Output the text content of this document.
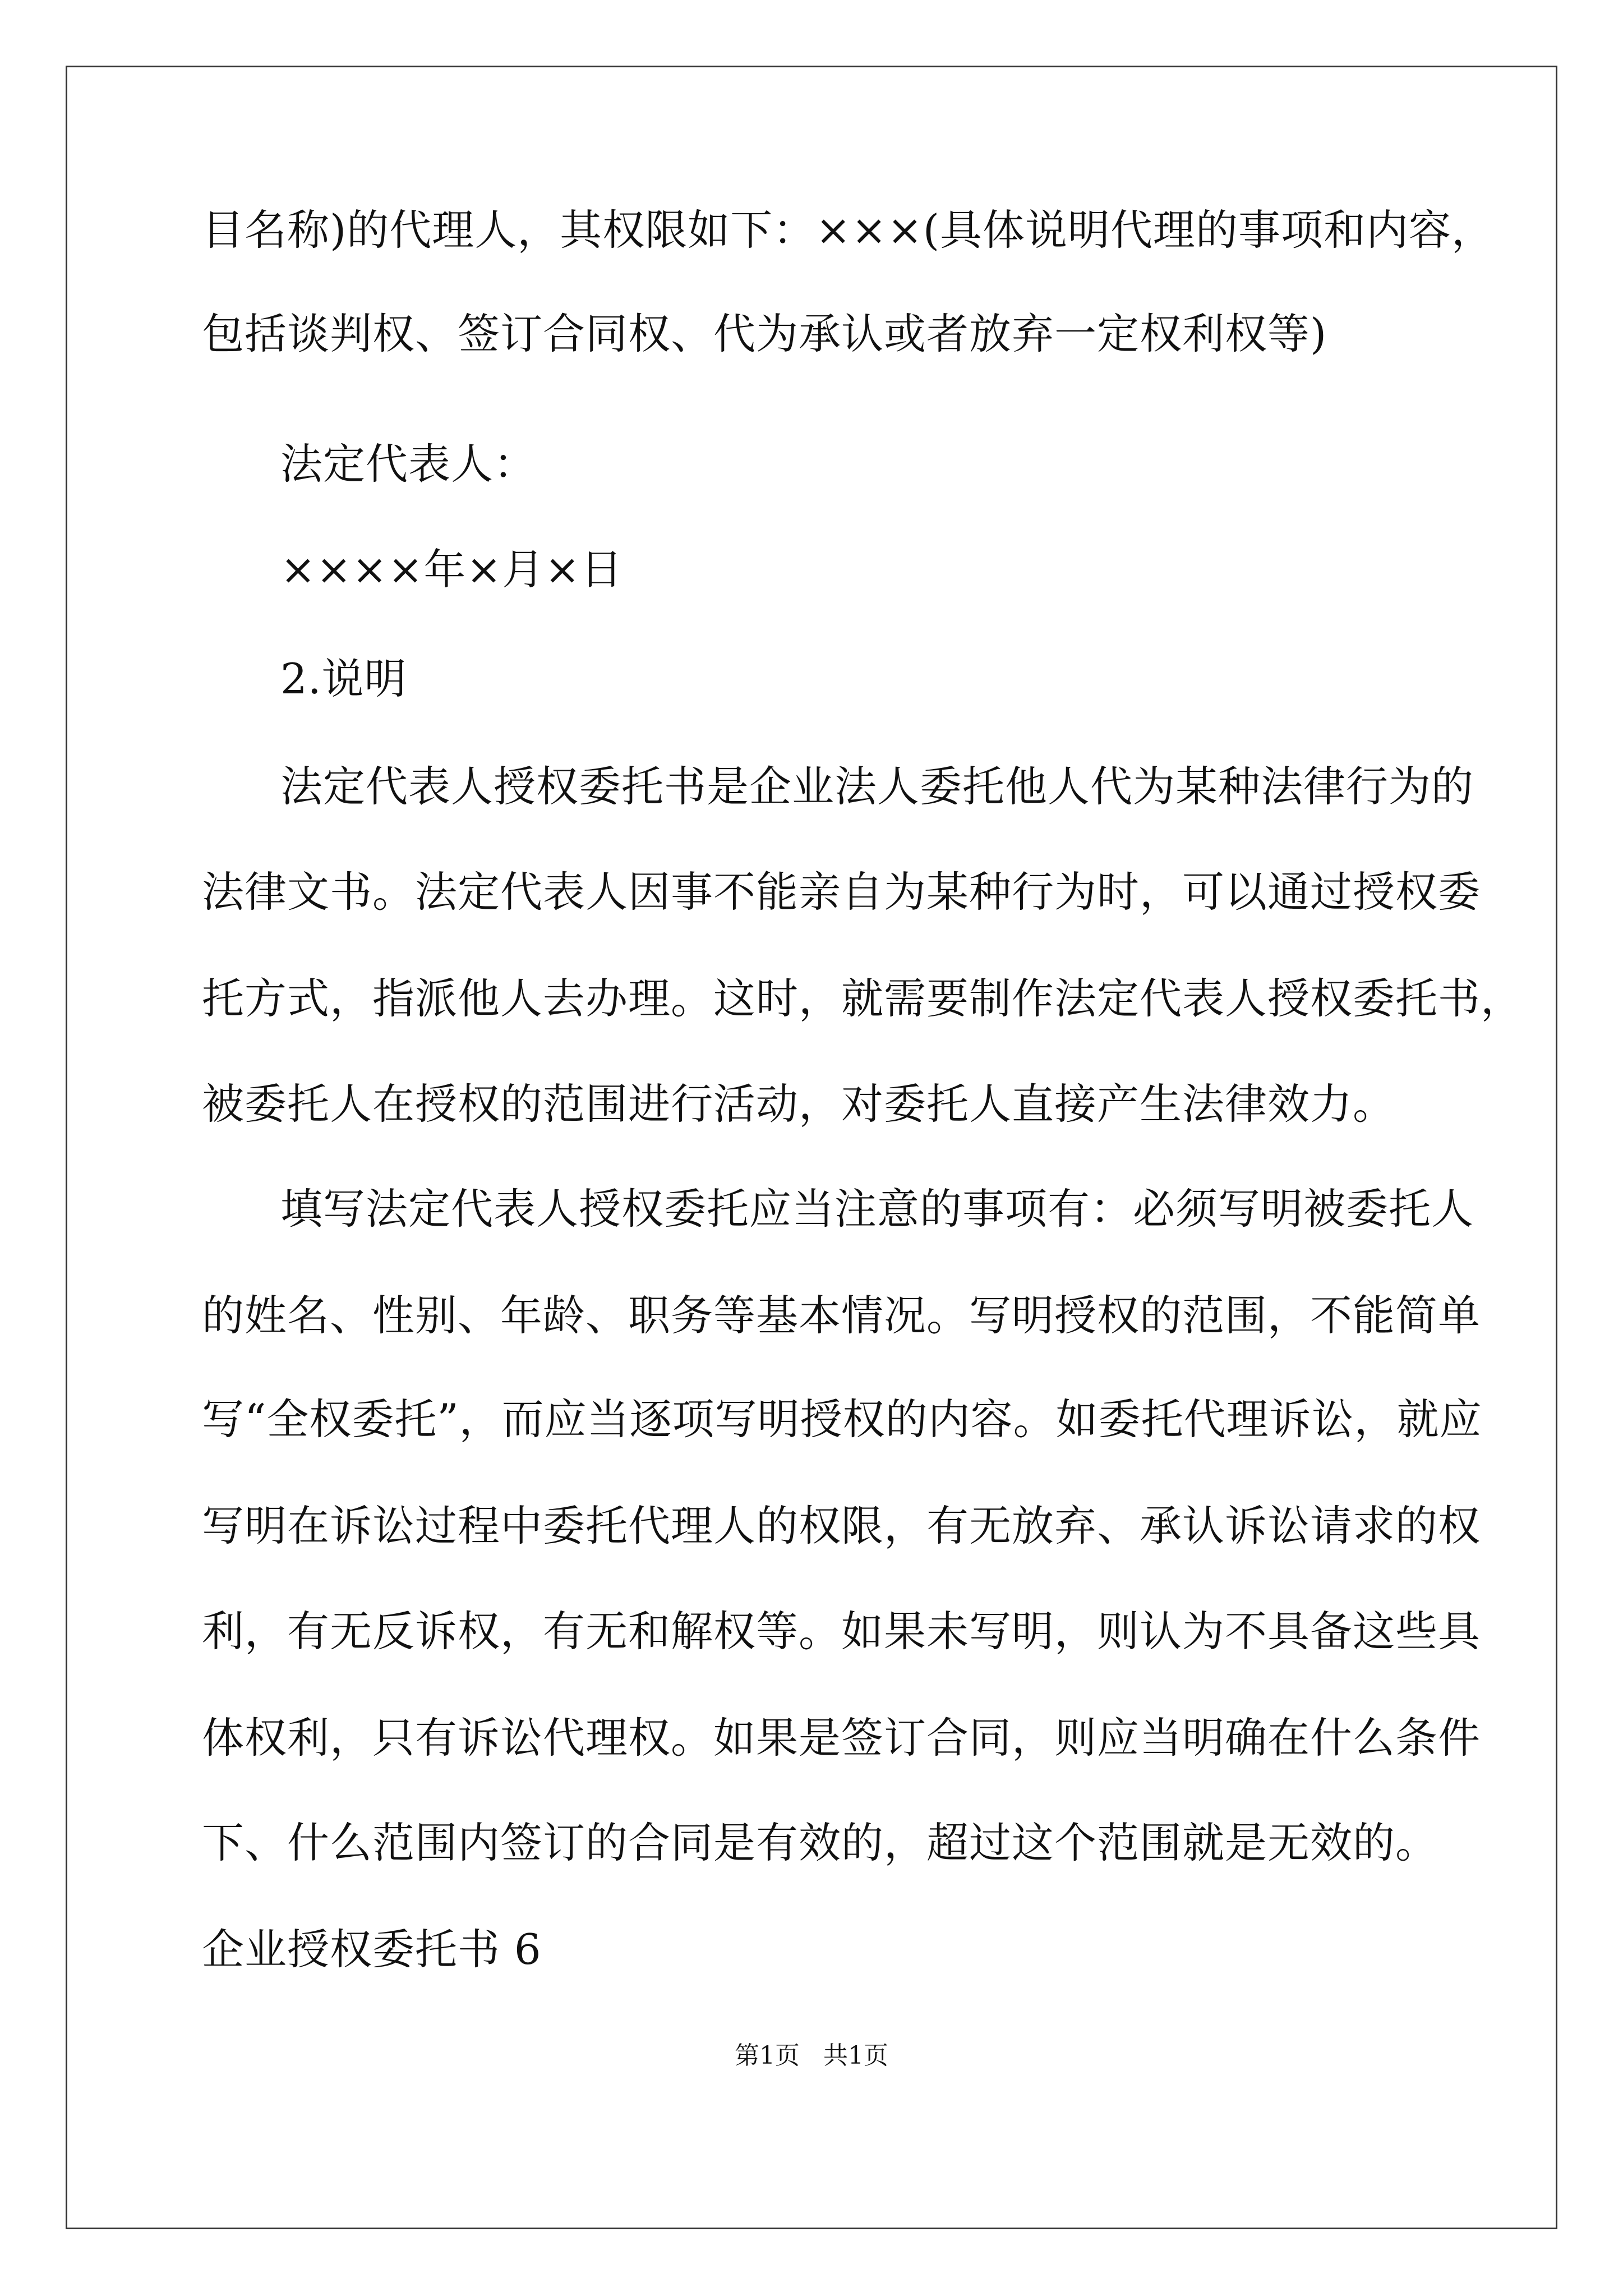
目名称)的代理人，其权限如下：×××(具体说明代理的事项和内容，
包括谈判权、签订合同权、代为承认或者放弃一定权利权等)
法定代表人：
××××年×月×日
2.说明
法定代表人授权委托书是企业法人委托他人代为某种法律行为的
法律文书。法定代表人因事不能亲自为某种行为时，可以通过授权委
托方式，指派他人去办理。这时，就需要制作法定代表人授权委托书，
被委托人在授权的范围进行活动，对委托人直接产生法律效力。
填写法定代表人授权委托应当注意的事项有：必须写明被委托人
的姓名、性别、年龄、职务等基本情况。写明授权的范围，不能简单
写“全权委托”，而应当逐项写明授权的内容。如委托代理诉讼，就应
写明在诉讼过程中委托代理人的权限，有无放弃、承认诉讼请求的权
利，有无反诉权，有无和解权等。如果未写明，则认为不具备这些具
体权利，只有诉讼代理权。如果是签订合同，则应当明确在什么条件
下、什么范围内签订的合同是有效的，超过这个范围就是无效的。
企业授权委托书 6
第1页 共1页
